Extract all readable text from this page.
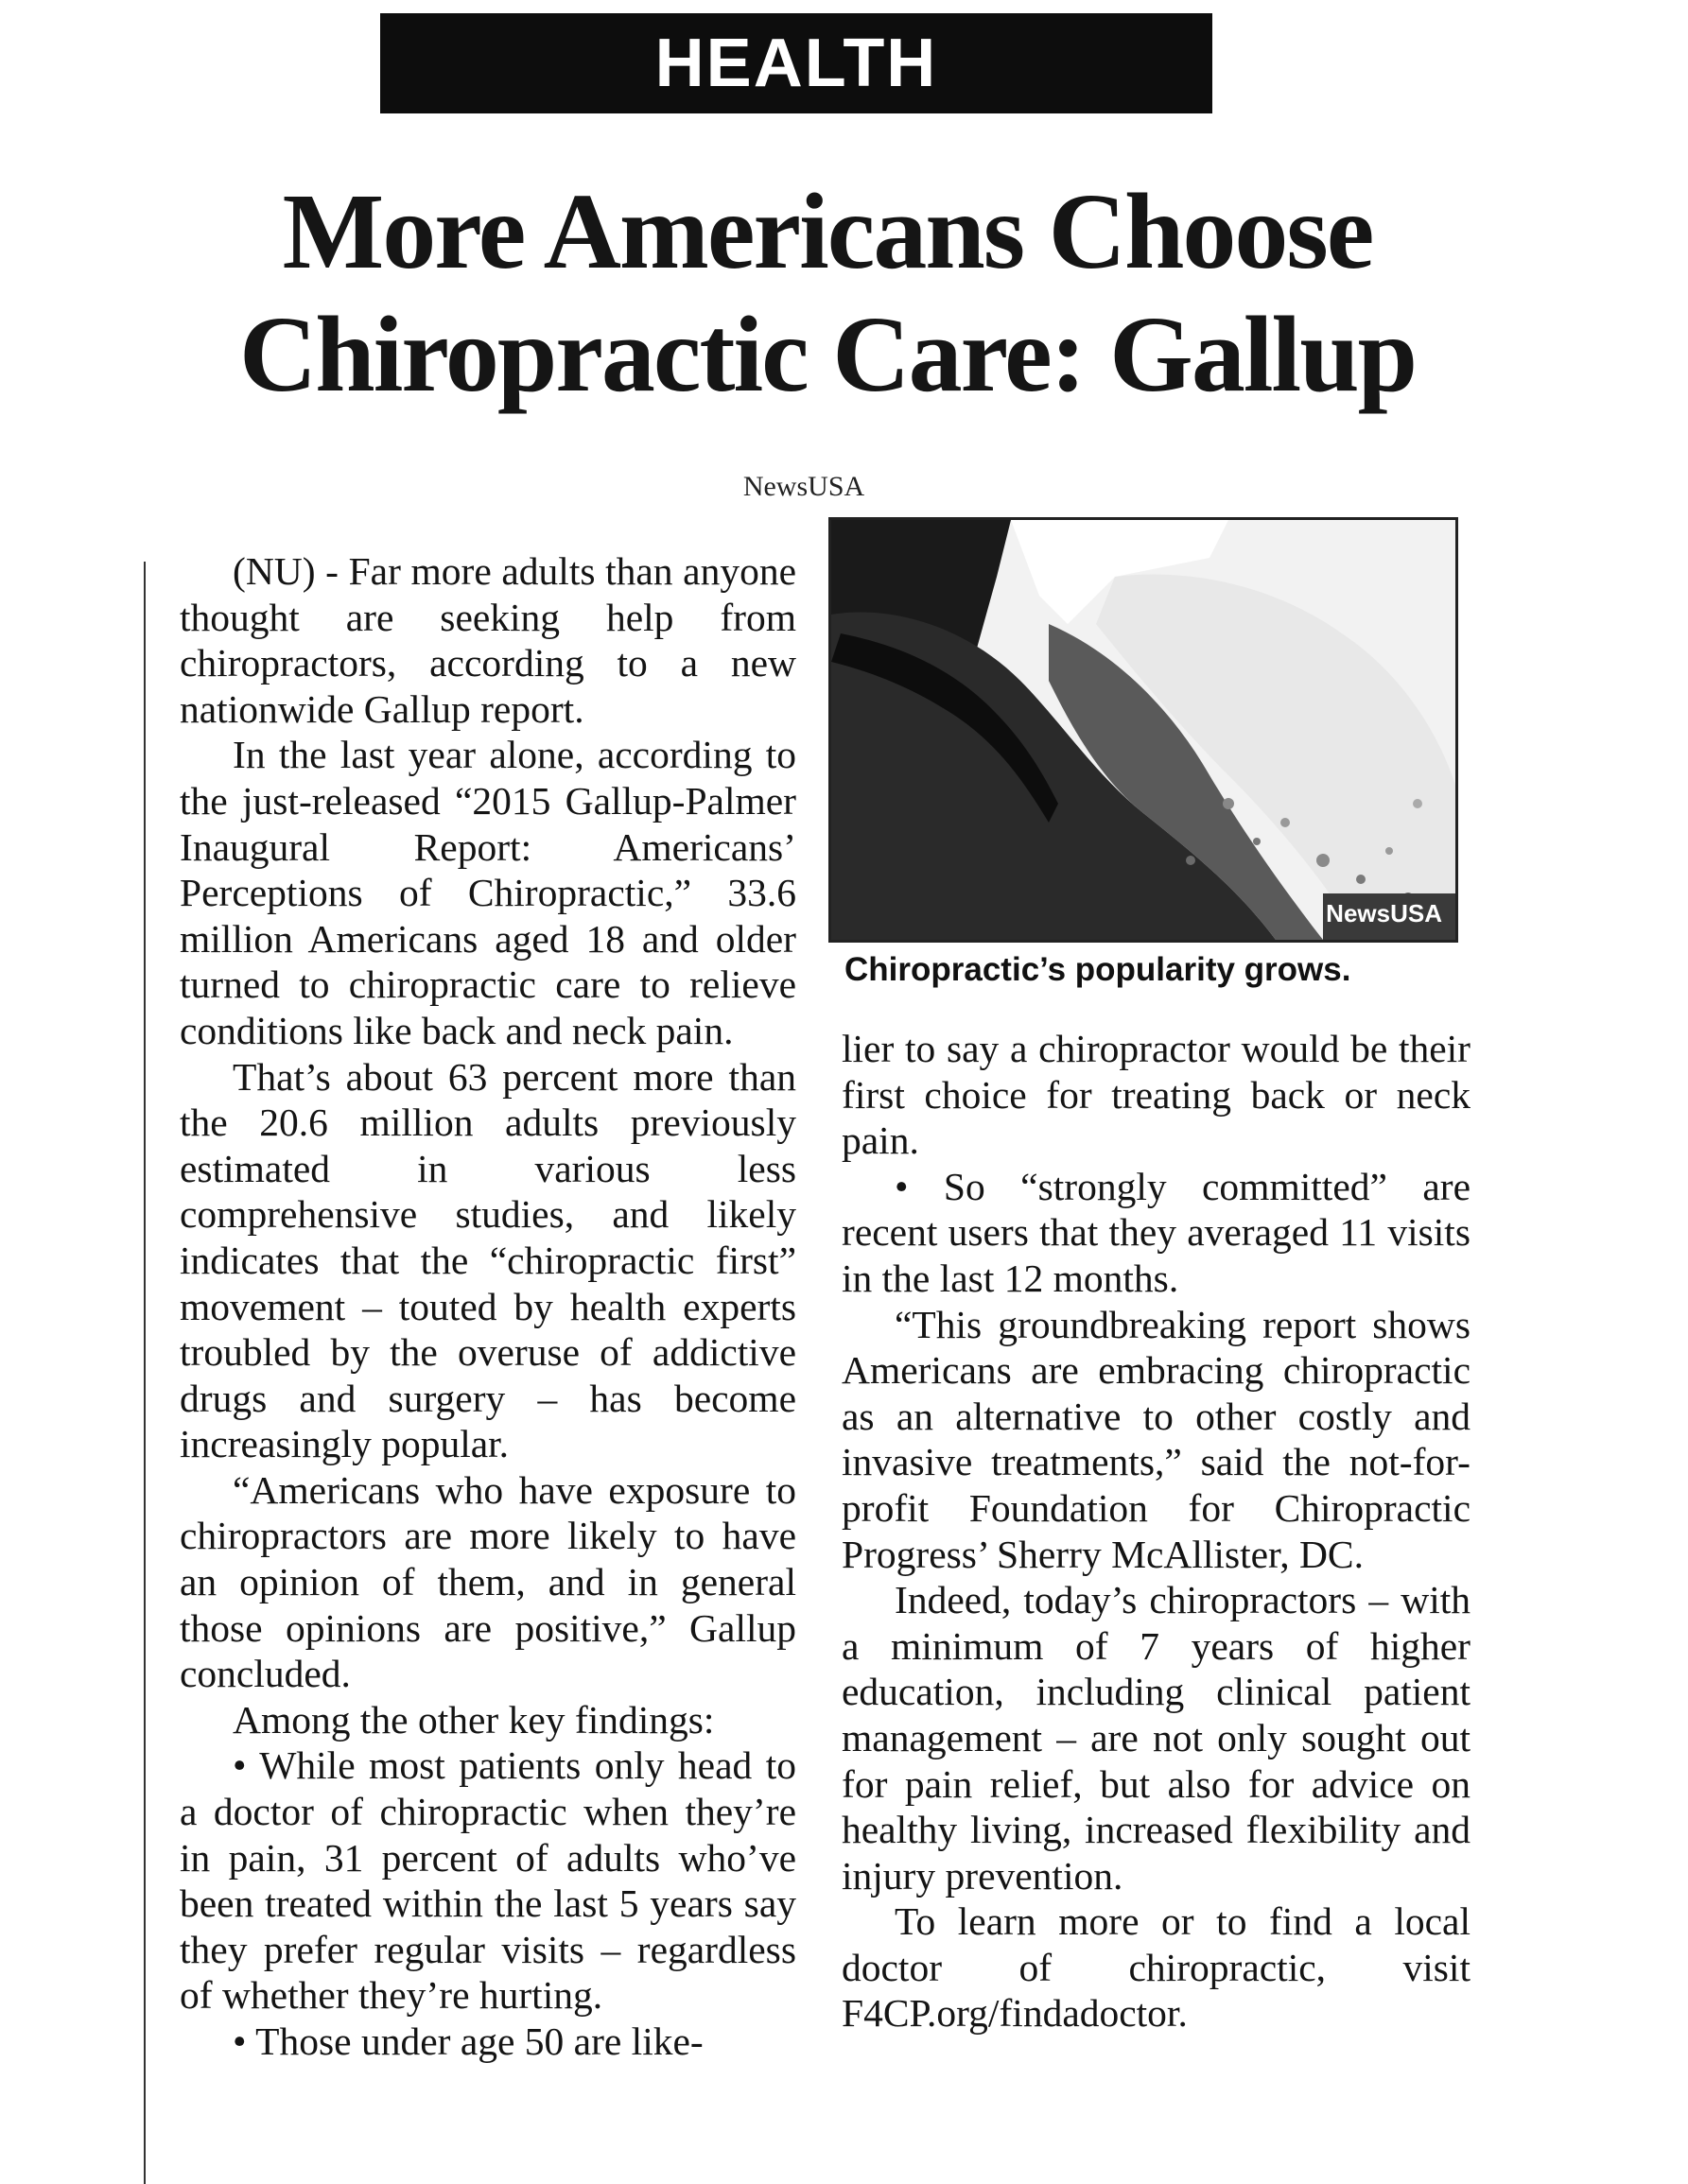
HEALTH
More Americans Choose
Chiropractic Care: Gallup
NewsUSA

(NU) - Far more adults than anyone thought are seeking help from chiropractors, according to a new nationwide Gallup report.

In the last year alone, according to the just-released “2015 Gallup-Palmer Inaugural Report: Americans’ Perceptions of Chiropractic,” 33.6 million Americans aged 18 and older turned to chiropractic care to relieve conditions like back and neck pain.

That’s about 63 percent more than the 20.6 million adults previously estimated in various less comprehensive studies, and likely indicates that the “chiropractic first” movement – touted by health experts troubled by the overuse of addictive drugs and surgery – has become increasingly popular.

“Americans who have exposure to chiropractors are more likely to have an opinion of them, and in general those opinions are positive,” Gallup concluded.

Among the other key findings:

• While most patients only head to a doctor of chiropractic when they’re in pain, 31 percent of adults who’ve been treated within the last 5 years say they prefer regular visits – regardless of whether they’re hurting.

• Those under age 50 are like-

NewsUSA
Chiropractic’s popularity grows.

lier to say a chiropractor would be their first choice for treating back or neck pain.

• So “strongly committed” are recent users that they averaged 11 visits in the last 12 months.

“This groundbreaking report shows Americans are embracing chiropractic as an alternative to other costly and invasive treatments,” said the not-for-profit Foundation for Chiropractic Progress’ Sherry McAllister, DC.

Indeed, today’s chiropractors – with a minimum of 7 years of higher education, including clinical patient management – are not only sought out for pain relief, but also for advice on healthy living, increased flexibility and injury prevention.

To learn more or to find a local doctor of chiropractic, visit F4CP.org/findadoctor.
